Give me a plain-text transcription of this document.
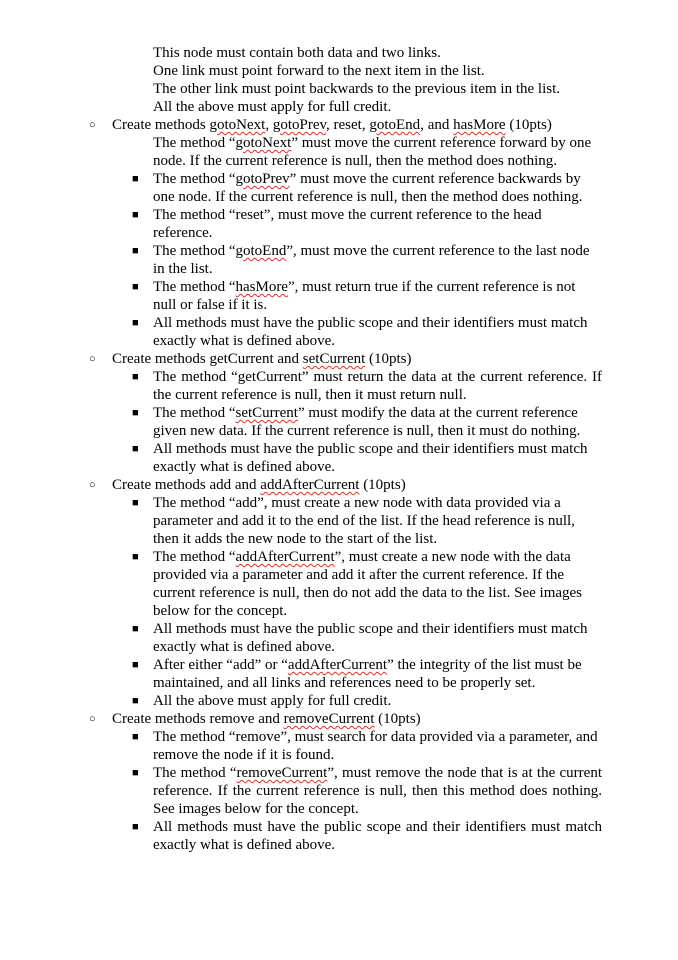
This node must contain both data and two links.
One link must point forward to the next item in the list.
The other link must point backwards to the previous item in the list.
All the above must apply for full credit.
○ Create methods gotoNext, gotoPrev, reset, gotoEnd, and hasMore (10pts)
The method “gotoNext” must move the current reference forward by one node. If the current reference is null, then the method does nothing.
■ The method “gotoPrev” must move the current reference backwards by one node. If the current reference is null, then the method does nothing.
■ The method “reset”, must move the current reference to the head reference.
■ The method “gotoEnd”, must move the current reference to the last node in the list.
■ The method “hasMore”, must return true if the current reference is not null or false if it is.
■ All methods must have the public scope and their identifiers must match exactly what is defined above.
○ Create methods getCurrent and setCurrent (10pts)
■ The method “getCurrent” must return the data at the current reference. If the current reference is null, then it must return null.
■ The method “setCurrent” must modify the data at the current reference given new data. If the current reference is null, then it must do nothing.
■ All methods must have the public scope and their identifiers must match exactly what is defined above.
○ Create methods add and addAfterCurrent (10pts)
■ The method “add”, must create a new node with data provided via a parameter and add it to the end of the list. If the head reference is null, then it adds the new node to the start of the list.
■ The method “addAfterCurrent”, must create a new node with the data provided via a parameter and add it after the current reference. If the current reference is null, then do not add the data to the list. See images below for the concept.
■ All methods must have the public scope and their identifiers must match exactly what is defined above.
■ After either “add” or “addAfterCurrent” the integrity of the list must be maintained, and all links and references need to be properly set.
■ All the above must apply for full credit.
○ Create methods remove and removeCurrent (10pts)
■ The method “remove”, must search for data provided via a parameter, and remove the node if it is found.
■ The method “removeCurrent”, must remove the node that is at the current reference. If the current reference is null, then this method does nothing. See images below for the concept.
■ All methods must have the public scope and their identifiers must match exactly what is defined above.
